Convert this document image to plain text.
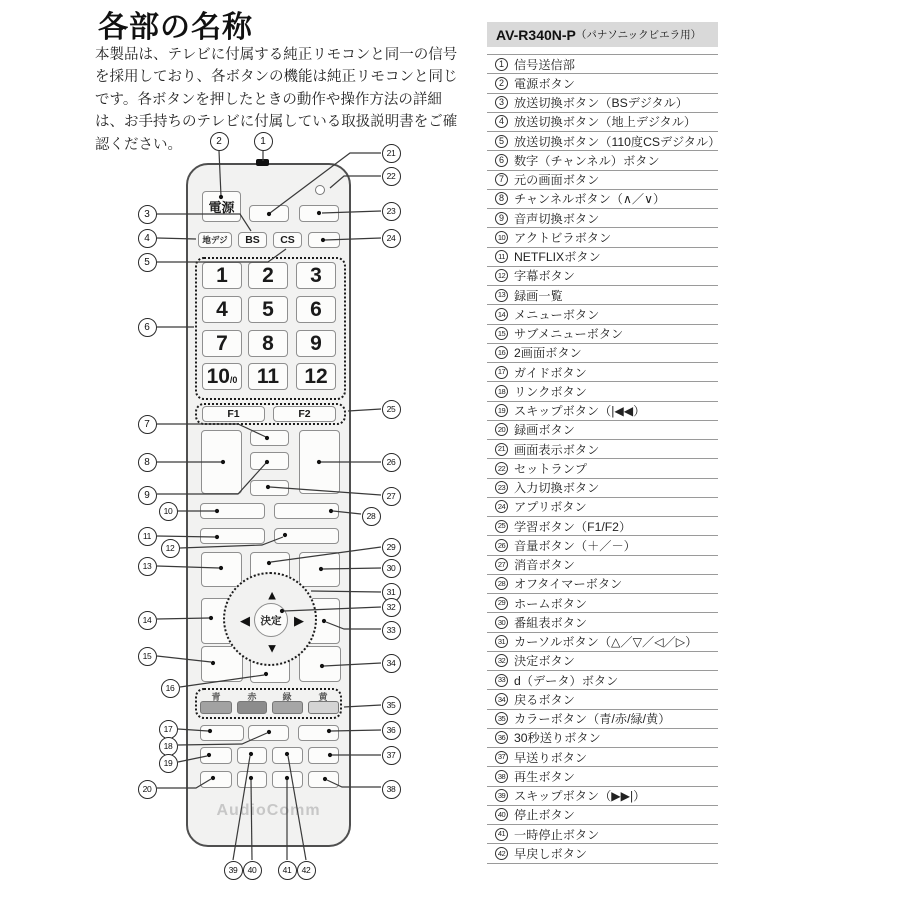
各部の名称
本製品は、テレビに付属する純正リモコンと同一の信号を採用しており、各ボタンの機能は純正リモコンと同じです。各ボタンを押したときの動作や操作方法の詳細は、お手持ちのテレビに付属している取扱説明書をご確認ください。
AV-R340N-P （パナソニックビエラ用）
1 信号送信部
2 電源ボタン
3 放送切換ボタン（BSデジタル）
4 放送切換ボタン（地上デジタル）
5 放送切換ボタン（110度CSデジタル）
6 数字（チャンネル）ボタン
7 元の画面ボタン
8 チャンネルボタン（∧／∨）
9 音声切換ボタン
10 アクトビラボタン
11 NETFLIXボタン
12 字幕ボタン
13 録画一覧
14 メニューボタン
15 サブメニューボタン
16 2画面ボタン
17 ガイドボタン
18 リンクボタン
19 スキップボタン（|◀◀）
20 録画ボタン
21 画面表示ボタン
22 セットランプ
23 入力切換ボタン
24 アプリボタン
25 学習ボタン（F1/F2）
26 音量ボタン（＋／－）
27 消音ボタン
28 オフタイマーボタン
29 ホームボタン
30 番組表ボタン
31 カーソルボタン（△／▽／◁／▷）
32 決定ボタン
33 d（データ）ボタン
34 戻るボタン
35 カラーボタン（青/赤/緑/黄）
36 30秒送りボタン
37 早送りボタン
38 再生ボタン
39 スキップボタン（▶▶|）
40 停止ボタン
41 一時停止ボタン
42 早戻しボタン
▲
▼
◀	▶
決定
AudioComm
電源
地デジ	BS	CS
F1	F2
1	2	3
4	5	6
7	8	9
10 /0 11	12
青	赤	緑	黄
1
2
3
4
5
6
7
8
9
10
11
12
13
14
15
16
17
18
19
20
21
22
23
24
25
26
27
28
29
30
31
32
33
34
35
36
37
38
39	40	41	42
